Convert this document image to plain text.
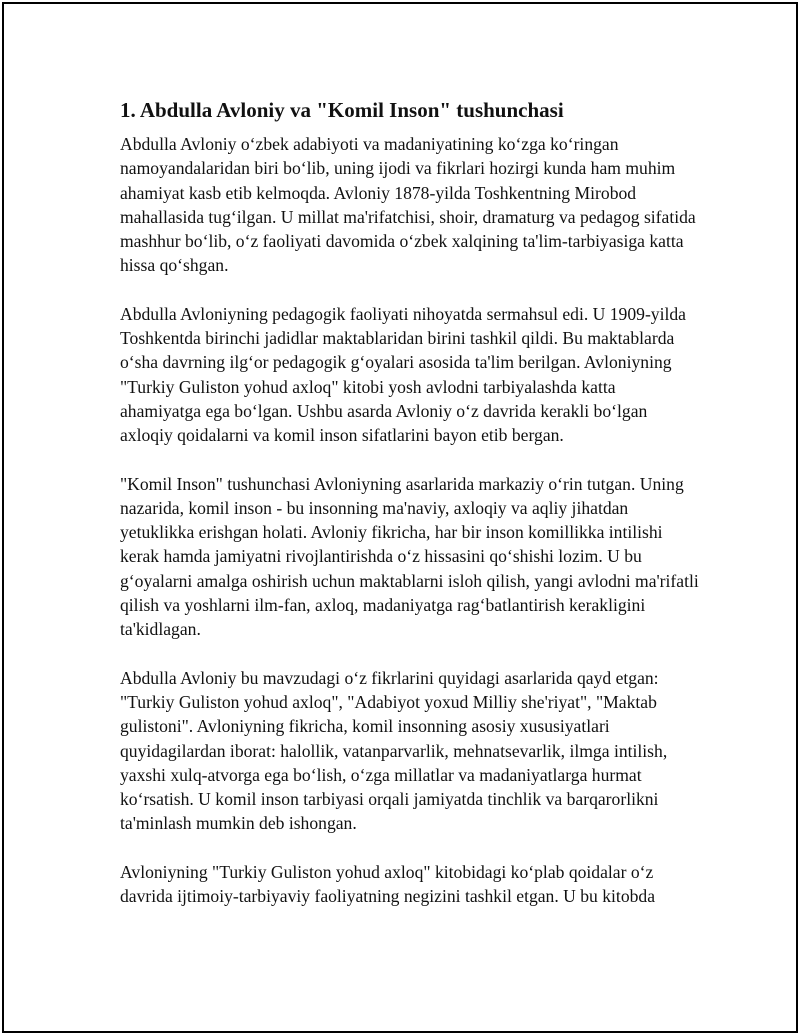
1. Abdulla Avloniy va "Komil Inson" tushunchasi

Abdulla Avloniy o‘zbek adabiyoti va madaniyatining ko‘zga ko‘ringan namoyandalaridan biri bo‘lib, uning ijodi va fikrlari hozirgi kunda ham muhim ahamiyat kasb etib kelmoqda. Avloniy 1878-yilda Toshkentning Mirobod mahallasida tug‘ilgan. U millat ma'rifatchisi, shoir, dramaturg va pedagog sifatida mashhur bo‘lib, o‘z faoliyati davomida o‘zbek xalqining ta'lim-tarbiyasiga katta hissa qo‘shgan.

Abdulla Avloniyning pedagogik faoliyati nihoyatda sermahsul edi. U 1909-yilda Toshkentda birinchi jadidlar maktablaridan birini tashkil qildi. Bu maktablarda o‘sha davrning ilg‘or pedagogik g‘oyalari asosida ta'lim berilgan. Avloniyning "Turkiy Guliston yohud axloq" kitobi yosh avlodni tarbiyalashda katta ahamiyatga ega bo‘lgan. Ushbu asarda Avloniy o‘z davrida kerakli bo‘lgan axloqiy qoidalarni va komil inson sifatlarini bayon etib bergan.

"Komil Inson" tushunchasi Avloniyning asarlarida markaziy o‘rin tutgan. Uning nazarida, komil inson - bu insonning ma'naviy, axloqiy va aqliy jihatdan yetuklikka erishgan holati. Avloniy fikricha, har bir inson komillikka intilishi kerak hamda jamiyatni rivojlantirishda o‘z hissasini qo‘shishi lozim. U bu g‘oyalarni amalga oshirish uchun maktablarni isloh qilish, yangi avlodni ma'rifatli qilish va yoshlarni ilm-fan, axloq, madaniyatga rag‘batlantirish kerakligini ta'kidlagan.

Abdulla Avloniy bu mavzudagi o‘z fikrlarini quyidagi asarlarida qayd etgan: "Turkiy Guliston yohud axloq", "Adabiyot yoxud Milliy she'riyat", "Maktab gulistoni". Avloniyning fikricha, komil insonning asosiy xususiyatlari quyidagilardan iborat: halollik, vatanparvarlik, mehnatsevarlik, ilmga intilish, yaxshi xulq-atvorga ega bo‘lish, o‘zga millatlar va madaniyatlarga hurmat ko‘rsatish. U komil inson tarbiyasi orqali jamiyatda tinchlik va barqarorlikni ta'minlash mumkin deb ishongan.

Avloniyning "Turkiy Guliston yohud axloq" kitobidagi ko‘plab qoidalar o‘z davrida ijtimoiy-tarbiyaviy faoliyatning negizini tashkil etgan. U bu kitobda
